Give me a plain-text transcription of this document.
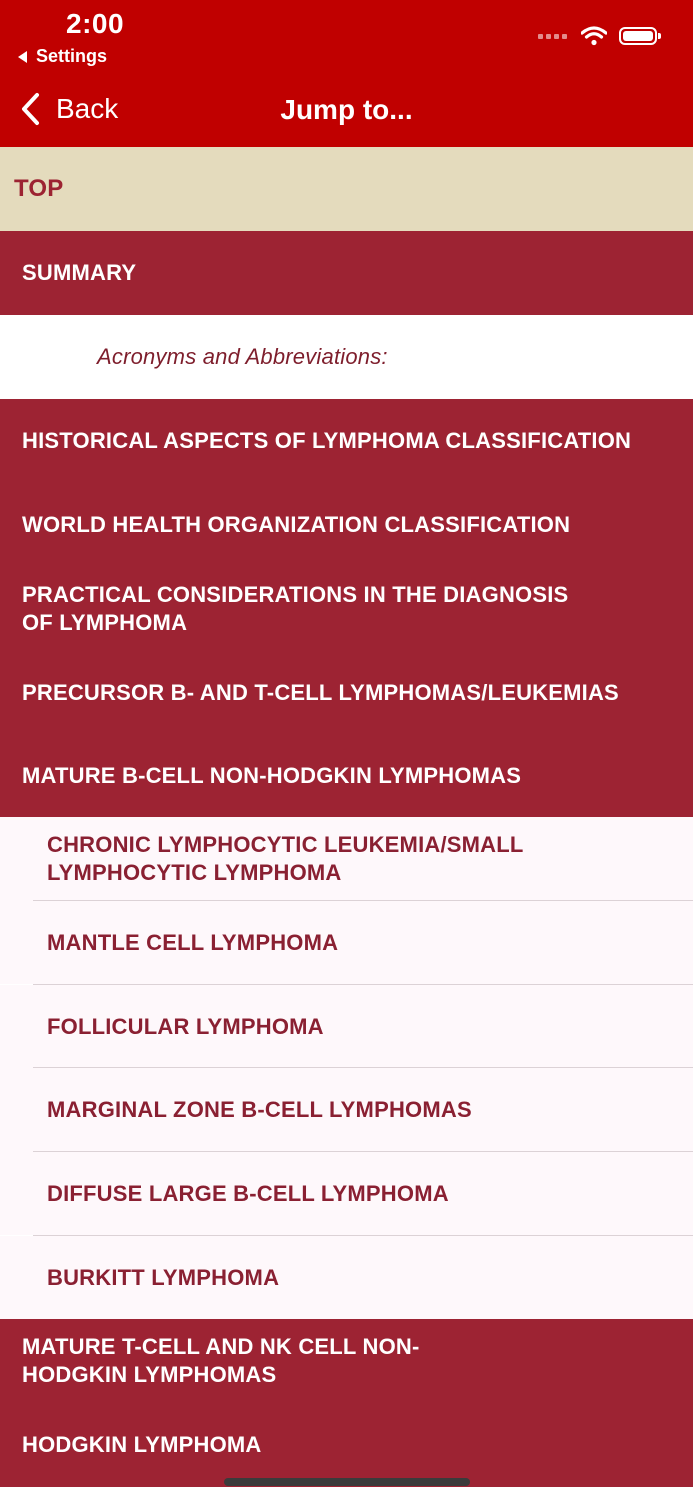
2:00
Settings
Back	Jump to...
TOP
SUMMARY
Acronyms and Abbreviations:
HISTORICAL ASPECTS OF LYMPHOMA CLASSIFICATION
WORLD HEALTH ORGANIZATION CLASSIFICATION
PRACTICAL CONSIDERATIONS IN THE DIAGNOSIS OF LYMPHOMA
PRECURSOR B- AND T-CELL LYMPHOMAS/LEUKEMIAS
MATURE B-CELL NON-HODGKIN LYMPHOMAS
CHRONIC LYMPHOCYTIC LEUKEMIA/SMALL LYMPHOCYTIC LYMPHOMA
MANTLE CELL LYMPHOMA
FOLLICULAR LYMPHOMA
MARGINAL ZONE B-CELL LYMPHOMAS
DIFFUSE LARGE B-CELL LYMPHOMA
BURKITT LYMPHOMA
MATURE T-CELL AND NK CELL NON-HODGKIN LYMPHOMAS
HODGKIN LYMPHOMA
